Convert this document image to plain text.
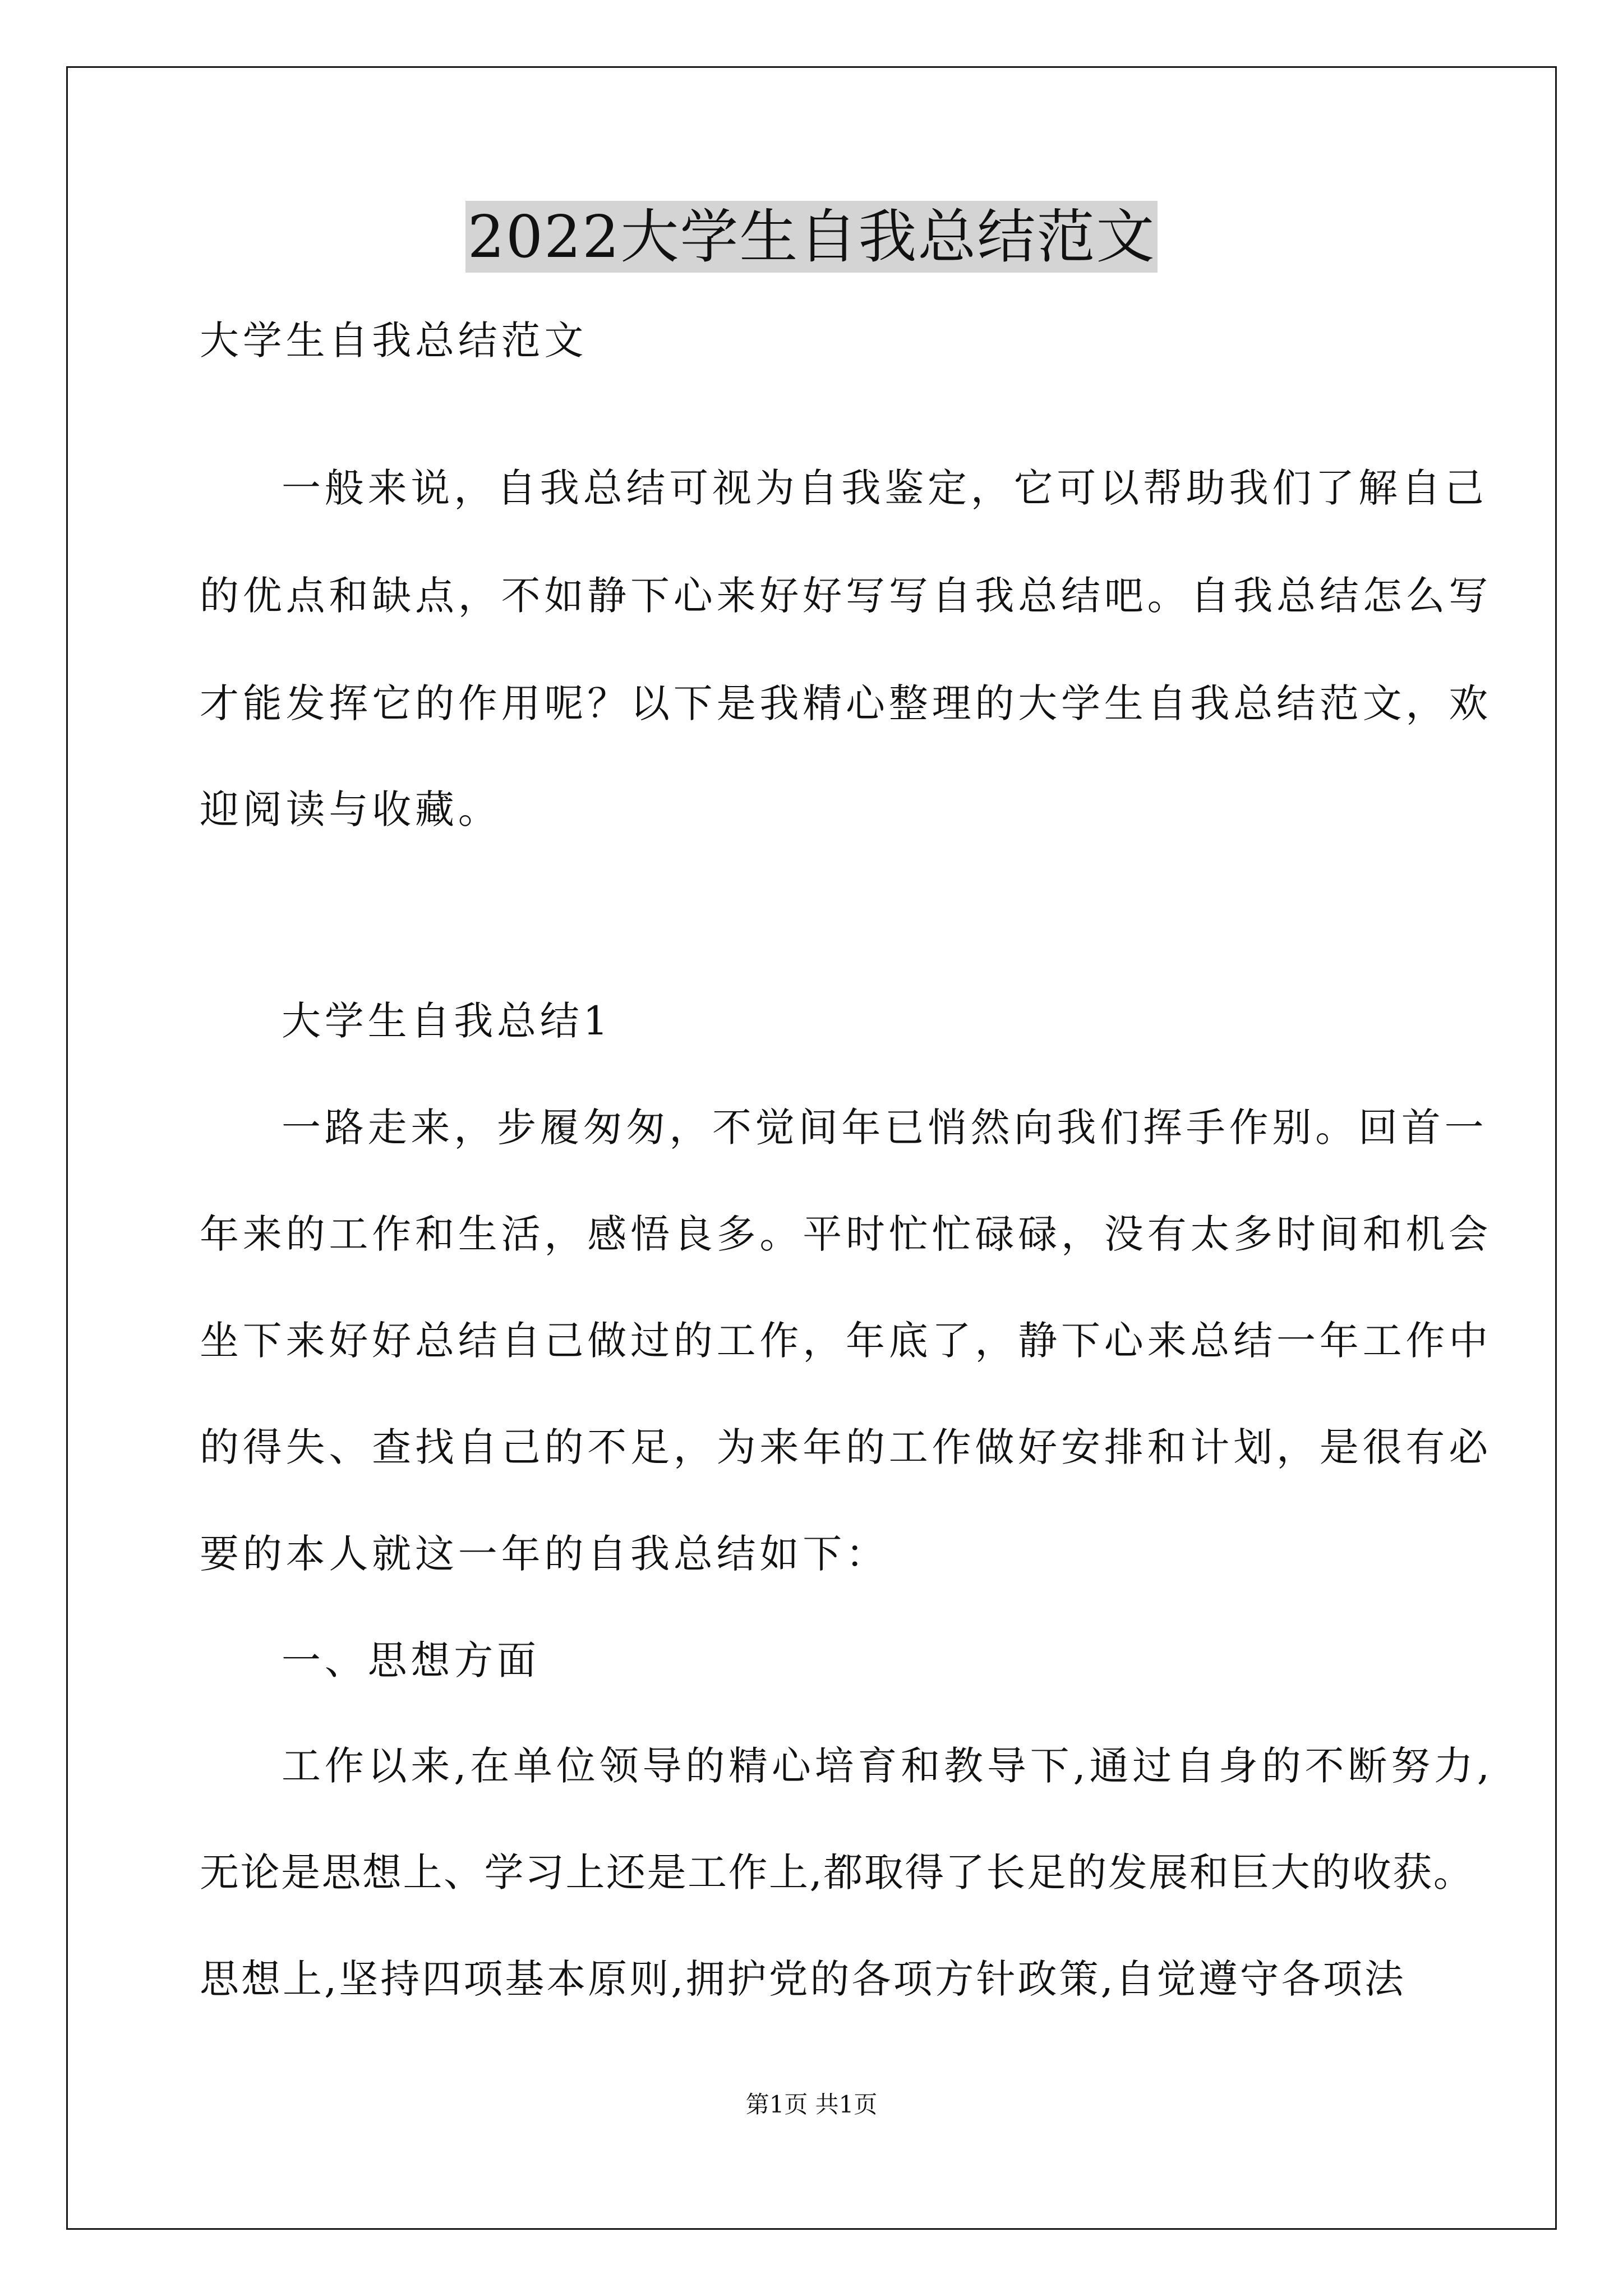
2022大学生自我总结范文
大学生自我总结范文
一般来说，自我总结可视为自我鉴定，它可以帮助我们了解自己
的优点和缺点，不如静下心来好好写写自我总结吧。自我总结怎么写
才能发挥它的作用呢？以下是我精心整理的大学生自我总结范文，欢
迎阅读与收藏。
大学生自我总结1
一路走来，步履匆匆，不觉间年已悄然向我们挥手作别。回首一
年来的工作和生活，感悟良多。平时忙忙碌碌，没有太多时间和机会
坐下来好好总结自己做过的工作，年底了，静下心来总结一年工作中
的得失、查找自己的不足，为来年的工作做好安排和计划，是很有必
要的本人就这一年的自我总结如下：
一、思想方面
工作以来,在单位领导的精心培育和教导下,通过自身的不断努力,
无论是思想上、学习上还是工作上,都取得了长足的发展和巨大的收获。
思想上,坚持四项基本原则,拥护党的各项方针政策,自觉遵守各项法
第1页 共1页
